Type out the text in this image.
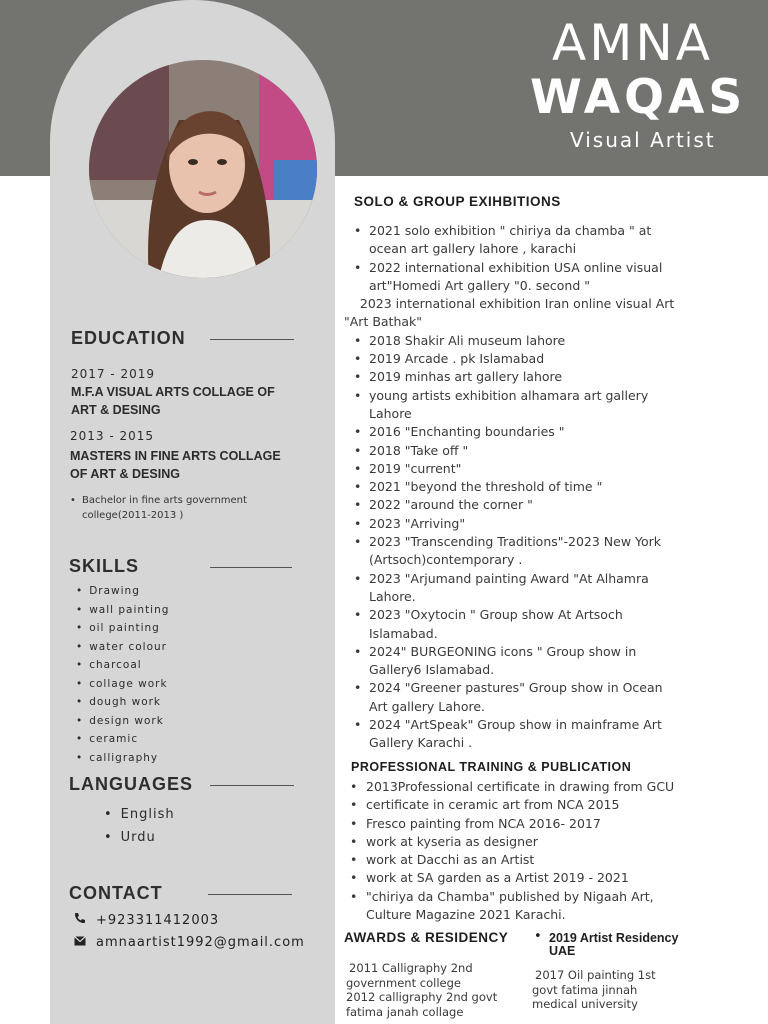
AMNA
WAQAS
Visual Artist
EDUCATION
2017 - 2019
M.F.A VISUAL ARTS COLLAGE OF
ART & DESING
2013 - 2015
MASTERS IN FINE ARTS COLLAGE
OF ART & DESING
• Bachelor in fine arts government
college(2011-2013 )
SKILLS
• Drawing
• wall painting
• oil painting
• water colour
• charcoal
• collage work
• dough work
• design work
• ceramic
• calligraphy
LANGUAGES
• English
• Urdu
CONTACT
+923311412003
amnaartist1992@gmail.com
SOLO & GROUP EXIHBITIONS
• 2021 solo exhibition " chiriya da chamba " at
ocean art gallery lahore , karachi
• 2022 international exhibition USA online visual
art"Homedi Art gallery "0. second "
2023 international exhibition Iran online visual Art
"Art Bathak"
• 2018 Shakir Ali museum lahore
• 2019 Arcade . pk Islamabad
• 2019 minhas art gallery lahore
• young artists exhibition alhamara art gallery
Lahore
• 2016 "Enchanting boundaries "
• 2018 "Take off "
• 2019 "current"
• 2021 "beyond the threshold of time "
• 2022 "around the corner "
• 2023 "Arriving"
• 2023 "Transcending Traditions"-2023 New York
(Artsoch)contemporary .
• 2023 "Arjumand painting Award "At Alhamra
Lahore.
• 2023 "Oxytocin " Group show At Artsoch
Islamabad.
• 2024" BURGEONING icons " Group show in
Gallery6 Islamabad.
• 2024 "Greener pastures" Group show in Ocean
Art gallery Lahore.
• 2024 "ArtSpeak" Group show in mainframe Art
Gallery Karachi .
PROFESSIONAL TRAINING & PUBLICATION
• 2013Professional certificate in drawing from GCU
• certificate in ceramic art from NCA 2015
• Fresco painting from NCA 2016- 2017
• work at kyseria as designer
• work at Dacchi as an Artist
• work at SA garden as a Artist 2019 - 2021
• "chiriya da Chamba" published by Nigaah Art,
Culture Magazine 2021 Karachi.
AWARDS & RESIDENCY • 2019 Artist Residency
UAE
2011 Calligraphy 2nd
government college
2012 calligraphy 2nd govt
fatima janah collage
2017 Oil painting 1st
govt fatima jinnah
medical university
